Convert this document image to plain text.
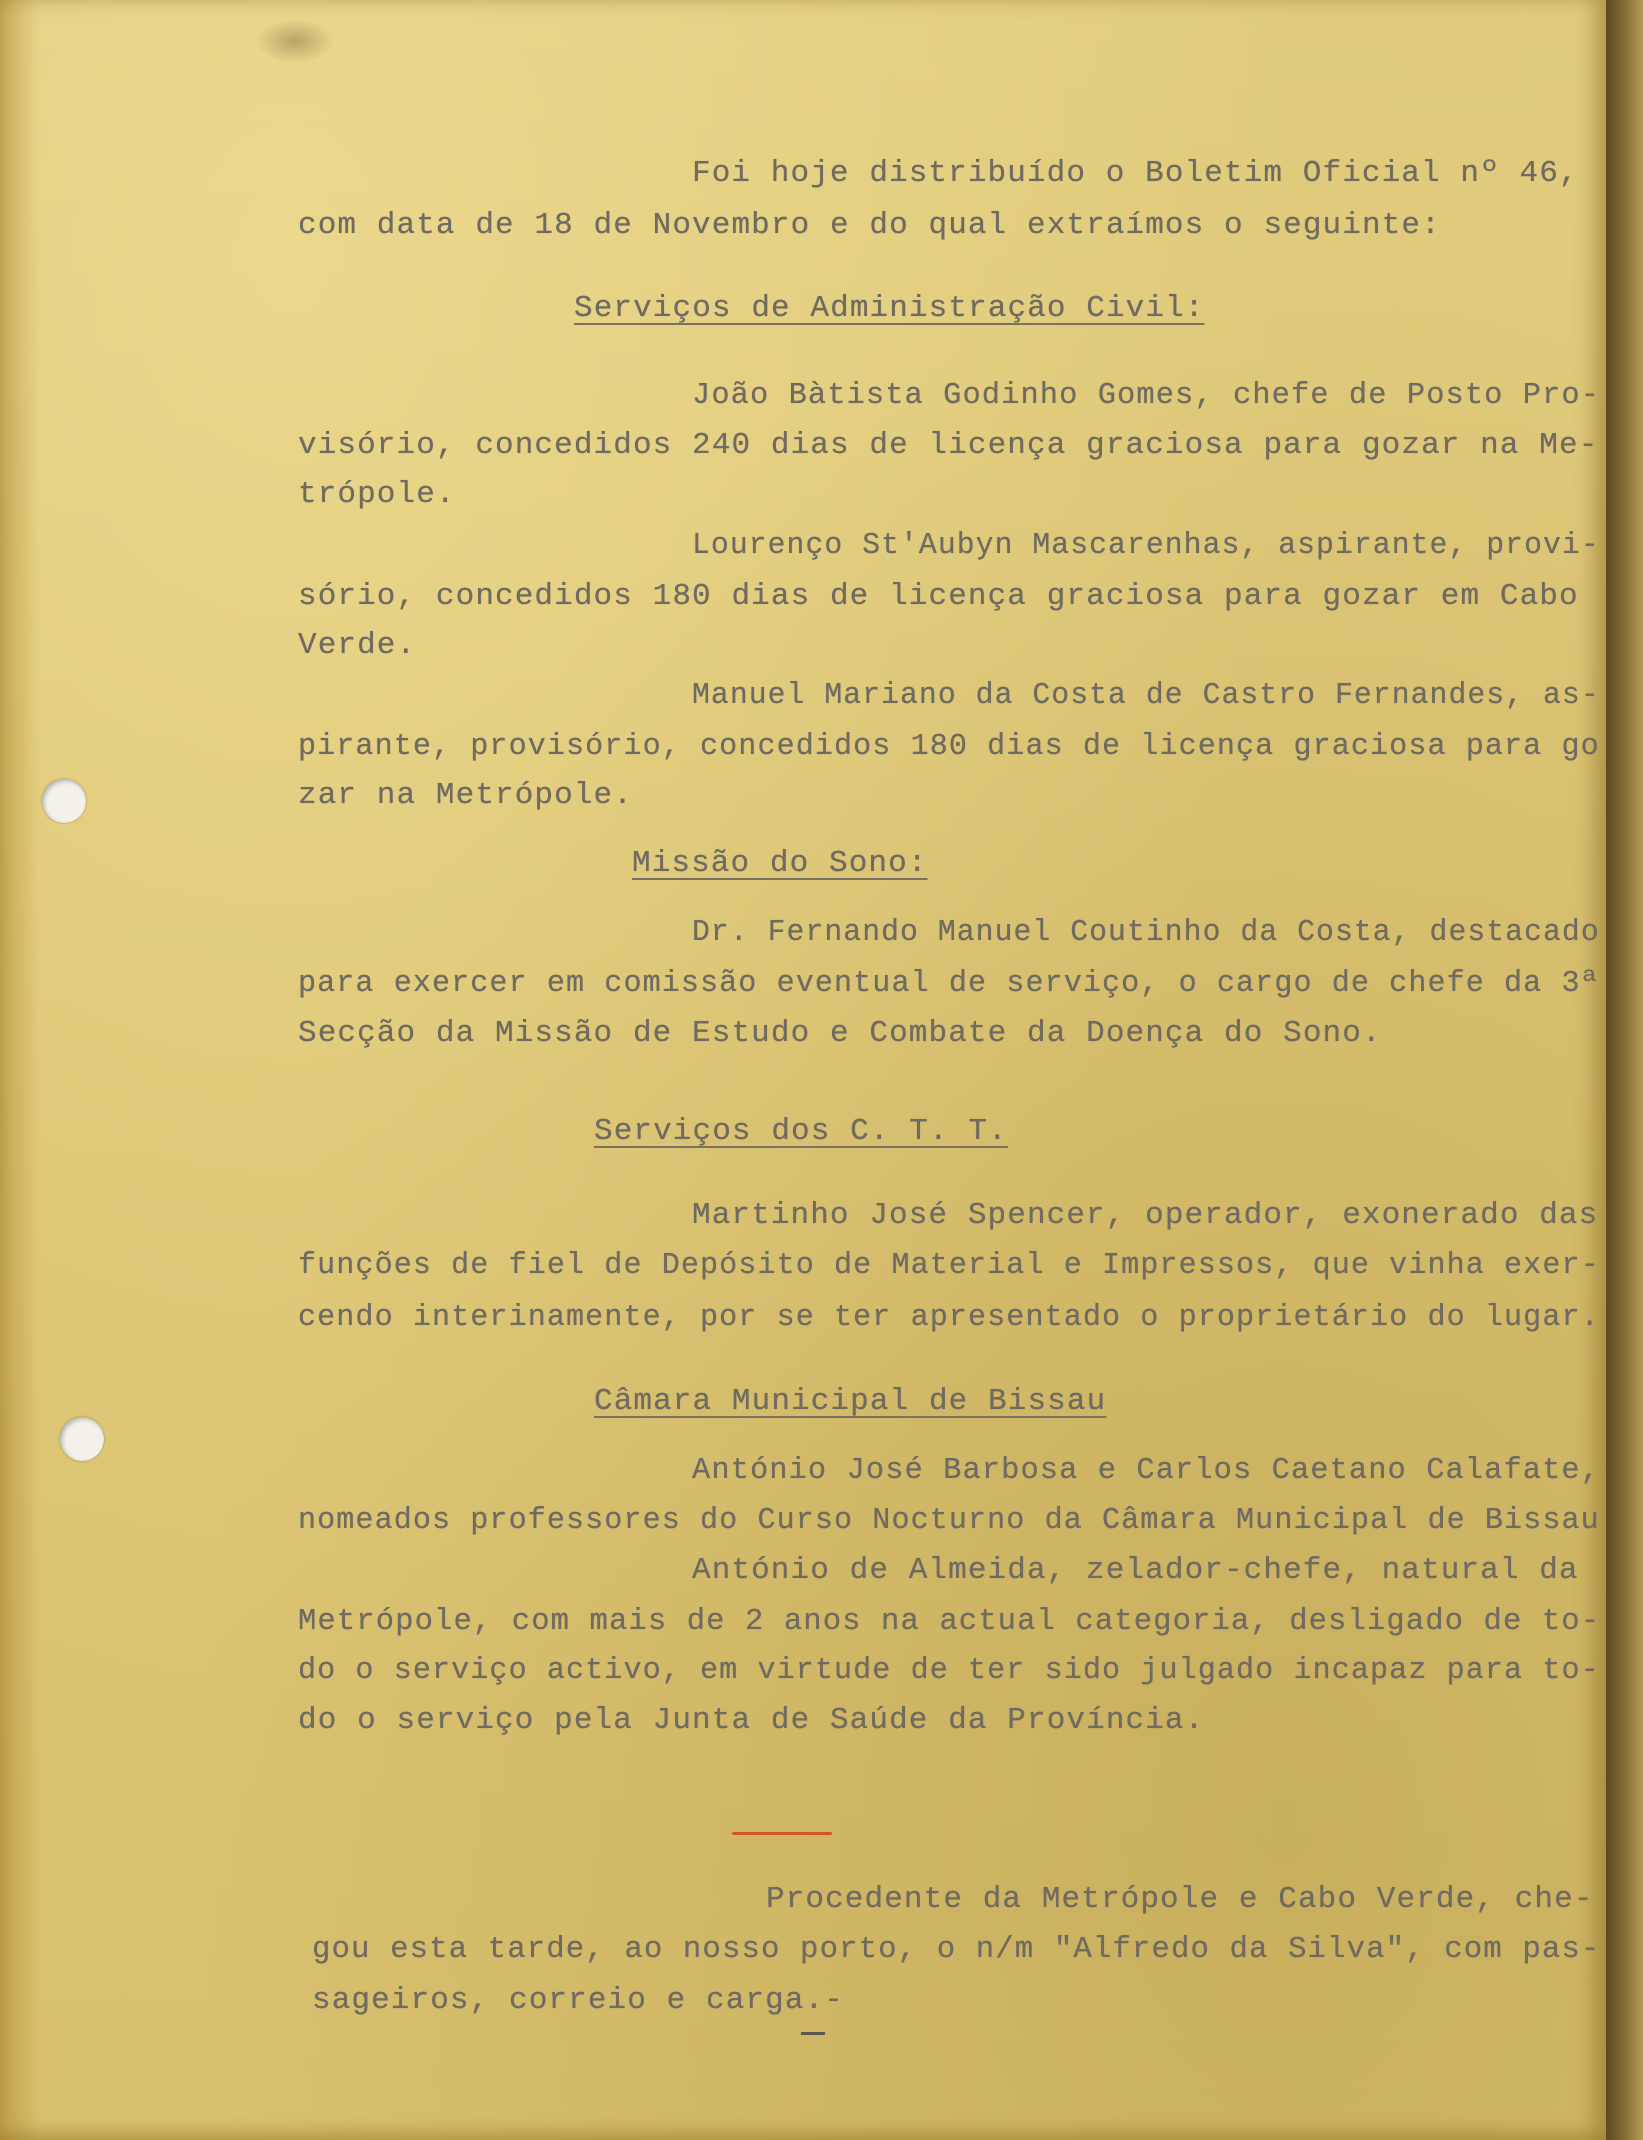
Foi hoje distribuído o Boletim Oficial nº 46,
com data de 18 de Novembro e do qual extraímos o seguinte:
Serviços de Administração Civil:
João Bàtista Godinho Gomes, chefe de Posto Pro-
visório, concedidos 240 dias de licença graciosa para gozar na Me-
trópole.
Lourenço St'Aubyn Mascarenhas, aspirante, provi-
sório, concedidos 180 dias de licença graciosa para gozar em Cabo
Verde.
Manuel Mariano da Costa de Castro Fernandes, as-
pirante, provisório, concedidos 180 dias de licença graciosa para go
zar na Metrópole.
Missão do Sono:
Dr. Fernando Manuel Coutinho da Costa, destacado
para exercer em comissão eventual de serviço, o cargo de chefe da 3ª
Secção da Missão de Estudo e Combate da Doença do Sono.
Serviços dos C. T. T.
Martinho José Spencer, operador, exonerado das
funções de fiel de Depósito de Material e Impressos, que vinha exer-
cendo interinamente, por se ter apresentado o proprietário do lugar.
Câmara Municipal de Bissau
António José Barbosa e Carlos Caetano Calafate,
nomeados professores do Curso Nocturno da Câmara Municipal de Bissau
António de Almeida, zelador-chefe, natural da
Metrópole, com mais de 2 anos na actual categoria, desligado de to-
do o serviço activo, em virtude de ter sido julgado incapaz para to-
do o serviço pela Junta de Saúde da Província.
Procedente da Metrópole e Cabo Verde, che-
gou esta tarde, ao nosso porto, o n/m "Alfredo da Silva", com pas-
sageiros, correio e carga.-
